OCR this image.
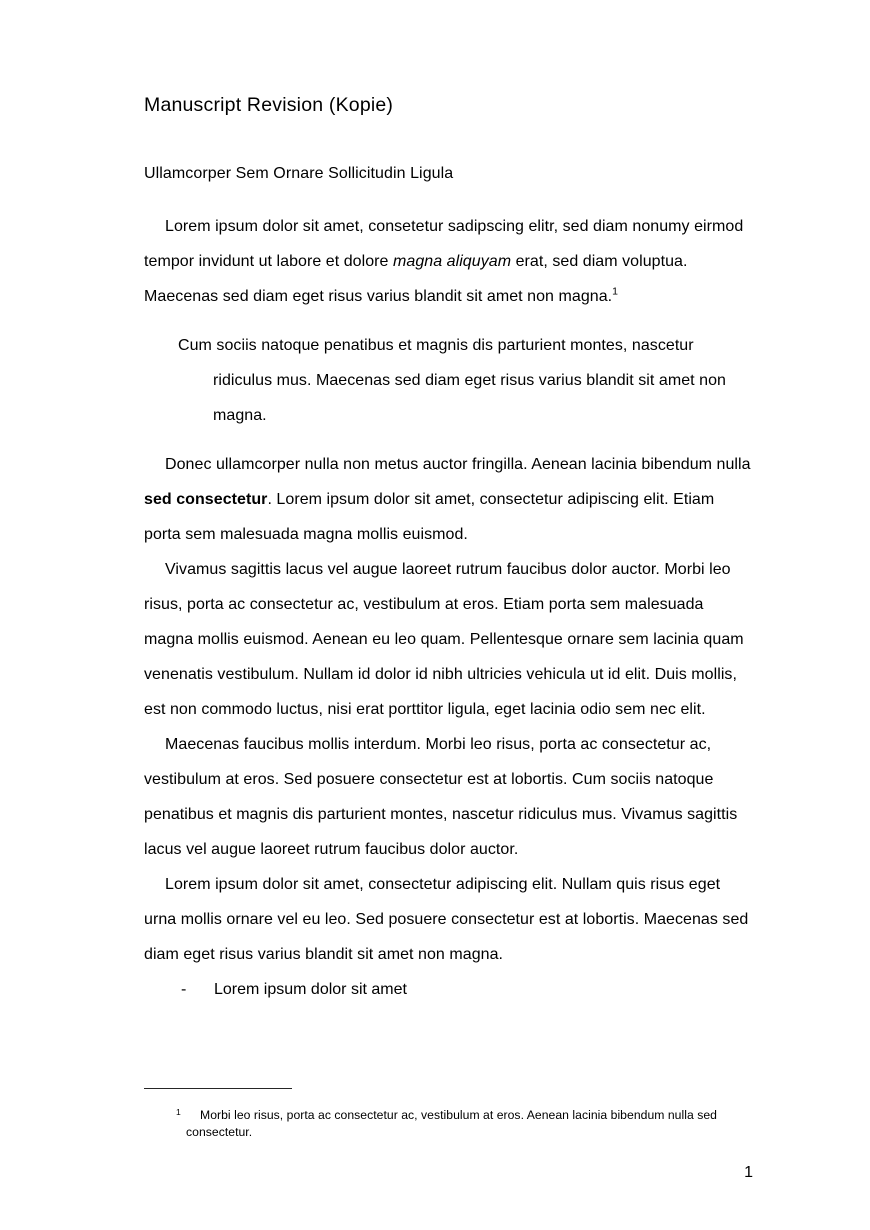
Manuscript Revision (Kopie)
Ullamcorper Sem Ornare Sollicitudin Ligula

Lorem ipsum dolor sit amet, consetetur sadipscing elitr, sed diam nonumy eirmod tempor invidunt ut labore et dolore magna aliquyam erat, sed diam voluptua. Maecenas sed diam eget risus varius blandit sit amet non magna.$^1$

Cum sociis natoque penatibus et magnis dis parturient montes, nascetur ridiculus mus. Maecenas sed diam eget risus varius blandit sit amet non magna.

Donec ullamcorper nulla non metus auctor fringilla. Aenean lacinia bibendum nulla sed consectetur. Lorem ipsum dolor sit amet, consectetur adipiscing elit. Etiam porta sem malesuada magna mollis euismod.

Vivamus sagittis lacus vel augue laoreet rutrum faucibus dolor auctor. Morbi leo risus, porta ac consectetur ac, vestibulum at eros. Etiam porta sem malesuada magna mollis euismod. Aenean eu leo quam. Pellentesque ornare sem lacinia quam venenatis vestibulum. Nullam id dolor id nibh ultricies vehicula ut id elit. Duis mollis, est non commodo luctus, nisi erat porttitor ligula, eget lacinia odio sem nec elit.

Maecenas faucibus mollis interdum. Morbi leo risus, porta ac consectetur ac, vestibulum at eros. Sed posuere consectetur est at lobortis. Cum sociis natoque penatibus et magnis dis parturient montes, nascetur ridiculus mus. Vivamus sagittis lacus vel augue laoreet rutrum faucibus dolor auctor.

Lorem ipsum dolor sit amet, consectetur adipiscing elit. Nullam quis risus eget urna mollis ornare vel eu leo. Sed posuere consectetur est at lobortis. Maecenas sed diam eget risus varius blandit sit amet non magna.

- Lorem ipsum dolor sit amet
1 Morbi leo risus, porta ac consectetur ac, vestibulum at eros. Aenean lacinia bibendum nulla sed consectetur.
1
